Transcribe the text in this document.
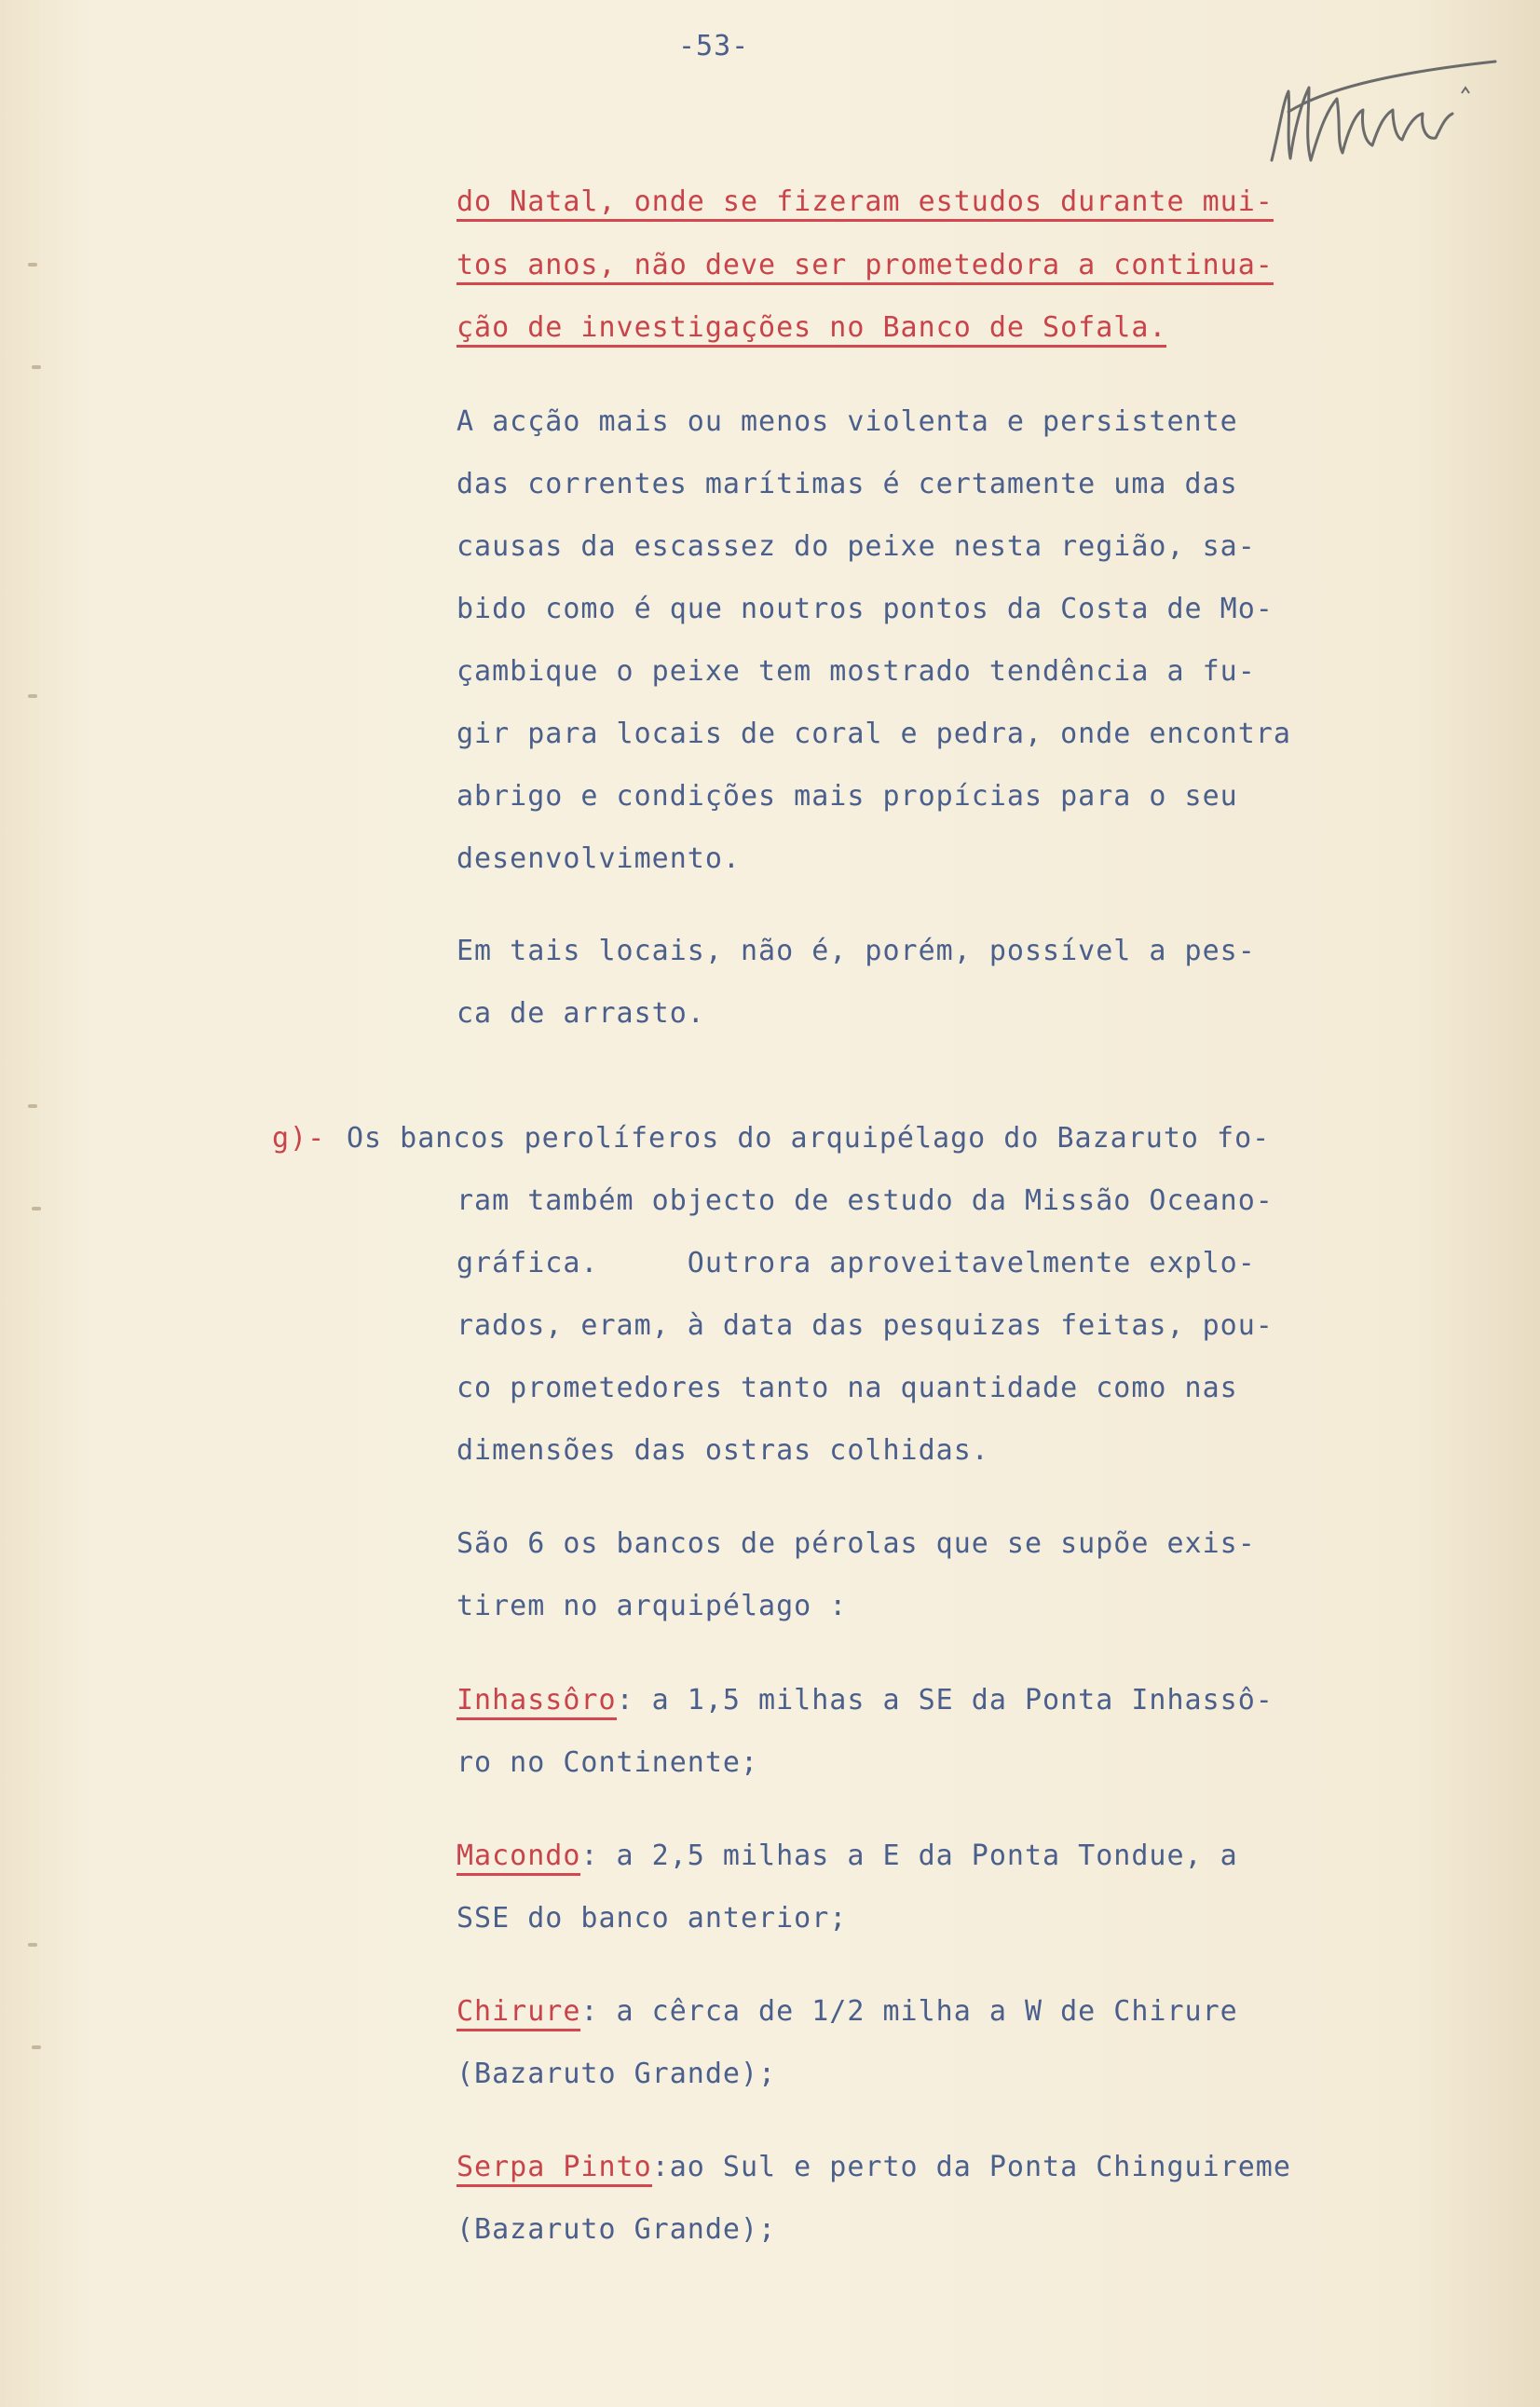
-53-
do Natal, onde se fizeram estudos durante mui-
tos anos, não deve ser prometedora a continua-
ção de investigações no Banco de Sofala.
A acção mais ou menos violenta e persistente
das correntes marítimas é certamente uma das
causas da escassez do peixe nesta região, sa-
bido como é que noutros pontos da Costa de Mo-
çambique o peixe tem mostrado tendência a fu-
gir para locais de coral e pedra, onde encontra
abrigo e condições mais propícias para o seu
desenvolvimento.
Em tais locais, não é, porém, possível a pes-
ca de arrasto.
g)- Os bancos perolíferos do arquipélago do Bazaruto fo-
ram também objecto de estudo da Missão Oceano-
gráfica.     Outrora aproveitavelmente explo-
rados, eram, à data das pesquizas feitas, pou-
co prometedores tanto na quantidade como nas
dimensões das ostras colhidas.
São 6 os bancos de pérolas que se supõe exis-
tirem no arquipélago :
Inhassôro: a 1,5 milhas a SE da Ponta Inhassô-
ro no Continente;
Macondo: a 2,5 milhas a E da Ponta Tondue, a
SSE do banco anterior;
Chirure: a cêrca de 1/2 milha a W de Chirure
(Bazaruto Grande);
Serpa Pinto:ao Sul e perto da Ponta Chinguireme
(Bazaruto Grande);
